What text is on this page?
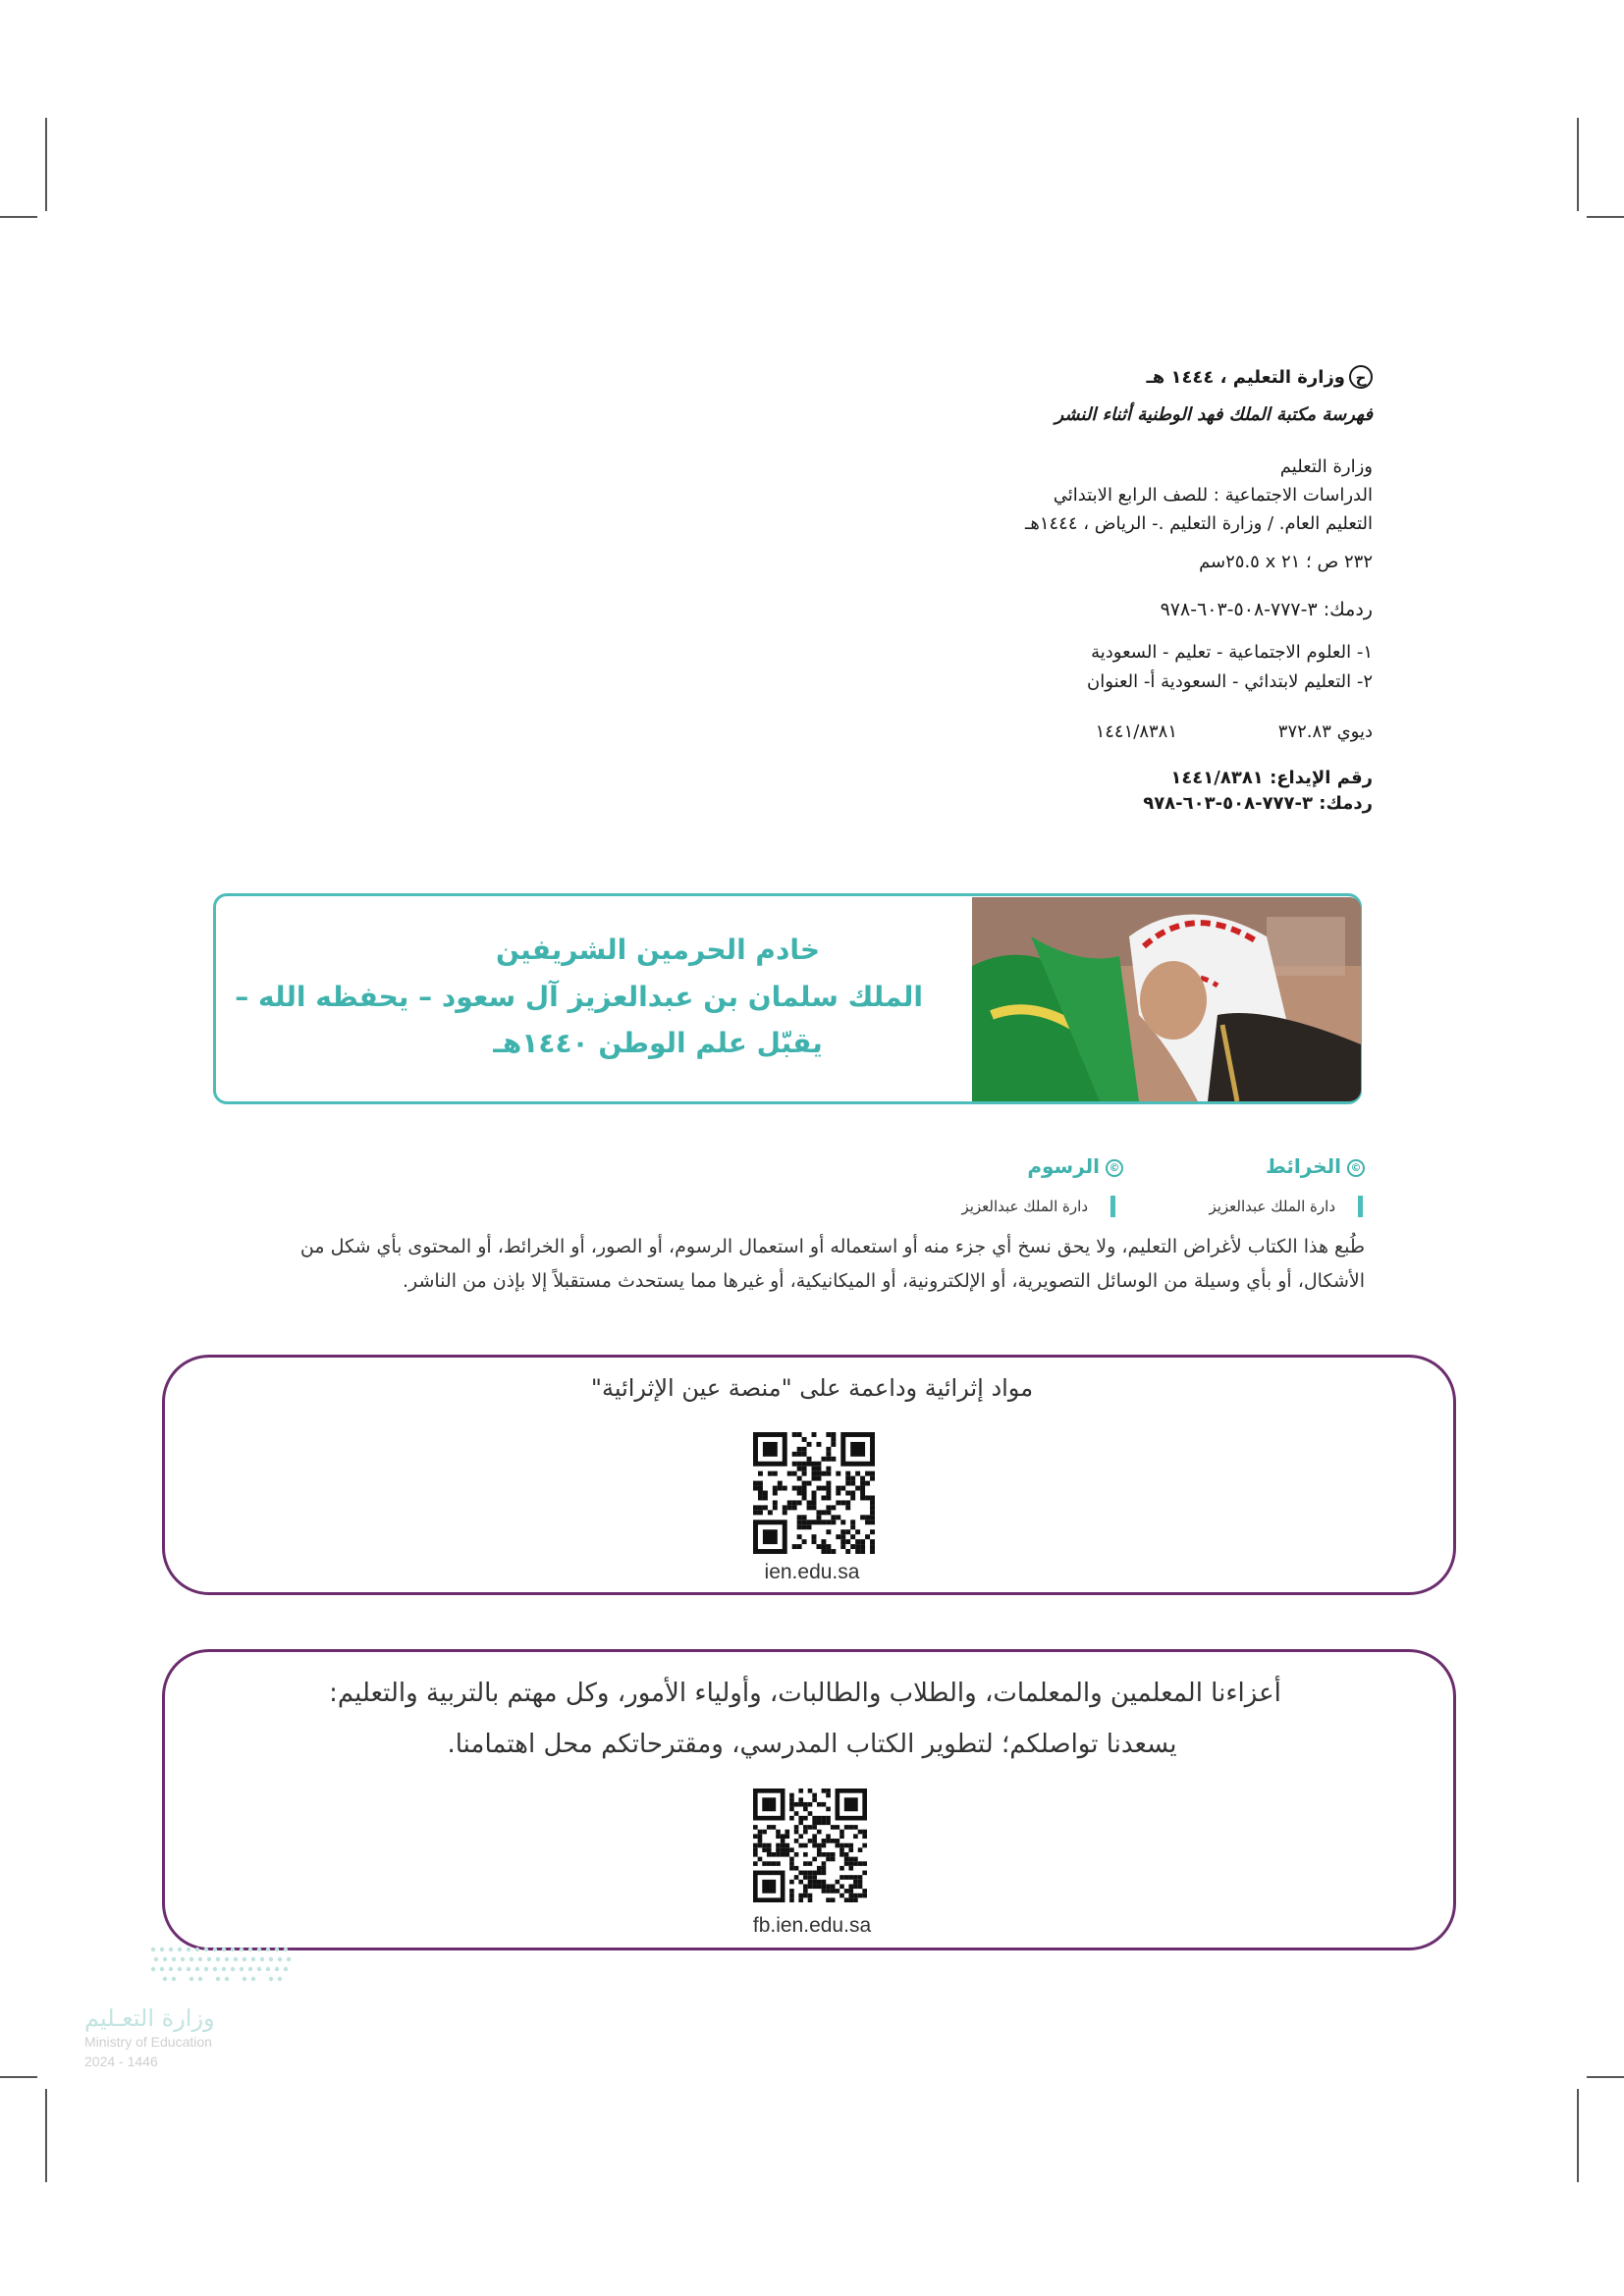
حوزارة التعليم ، ١٤٤٤ هـ
فهرسة مكتبة الملك فهد الوطنية أثناء النشر
وزارة التعليم
الدراسات الاجتماعية : للصف الرابع الابتدائي
التعليم العام. / وزارة التعليم .- الرياض ، ١٤٤٤هـ
٢٣٢ ص ؛ ٢١ x ٢٥.٥سم
ردمك: ٣-٧٧٧-٥٠٨-٦٠٣-٩٧٨
١- العلوم الاجتماعية - تعليم - السعودية
٢- التعليم لابتدائي - السعودية أ- العنوان
ديوي ٣٧٢.٨٣
١٤٤١/٨٣٨١
رقم الإيداع: ١٤٤١/٨٣٨١
ردمك: ٣-٧٧٧-٥٠٨-٦٠٣-٩٧٨
خادم الحرمين الشريفين
الملك سلمان بن عبدالعزيز آل سعود – يحفظه الله –
يقبّل علم الوطن ١٤٤٠هـ
©الخرائط
دارة الملك عبدالعزيز
©الرسوم
دارة الملك عبدالعزيز
طُبع هذا الكتاب لأغراض التعليم، ولا يحق نسخ أي جزء منه أو استعماله أو استعمال الرسوم، أو الصور، أو الخرائط، أو المحتوى بأي شكل من
الأشكال، أو بأي وسيلة من الوسائل التصويرية، أو الإلكترونية، أو الميكانيكية، أو غيرها مما يستحدث مستقبلاً إلا بإذن من الناشر.
مواد إثرائية وداعمة على "منصة عين الإثرائية"
ien.edu.sa
أعزاءنا المعلمين والمعلمات، والطلاب والطالبات، وأولياء الأمور، وكل مهتم بالتربية والتعليم:
يسعدنا تواصلكم؛ لتطوير الكتاب المدرسي، ومقترحاتكم محل اهتمامنا.
fb.ien.edu.sa
وزارة التعـليم
Ministry of Education
2024 - 1446
